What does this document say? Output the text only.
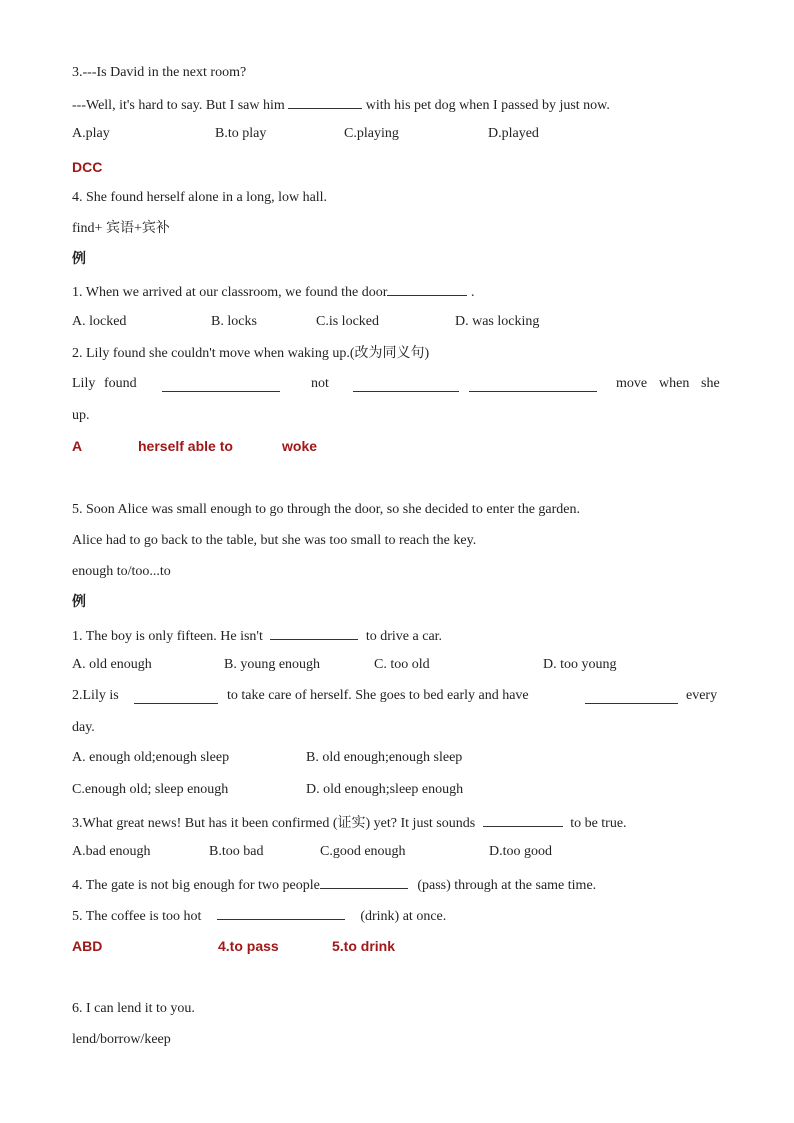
3.---Is David in the next room?
---Well, it's hard to say. But I saw him	with his pet dog when I passed by just now.
A.play	B.to play	C.playing	D.played
DCC
4. She found herself alone in a long, low hall.
find+ 宾语+宾补
例
1. When we arrived at our classroom, we found the door	.
A. locked	B. locks	C.is locked	D. was locking
2. Lily found she couldn't move when waking up.(改为同义句)
Lily found	not	move when she
up.
A	herself able to	woke
5. Soon Alice was small enough to go through the door, so she decided to enter the garden.
Alice had to go back to the table, but she was too small to reach the key.
enough to/too...to
例
1. The boy is only fifteen. He isn't	to drive a car.
A. old enough	B. young enough	C. too old	D. too young
2.Lily is	to take care of herself. She goes to bed early and have	every
day.
A. enough old;enough sleep	B. old enough;enough sleep
C.enough old; sleep enough	D. old enough;sleep enough
3.What great news! But has it been confirmed (证实) yet? It just sounds	to be true.
A.bad enough	B.too bad	C.good enough	D.too good
4. The gate is not big enough for two people	(pass) through at the same time.
5. The coffee is too hot	(drink) at once.
ABD	4.to pass	5.to drink
6. I can lend it to you.
lend/borrow/keep
